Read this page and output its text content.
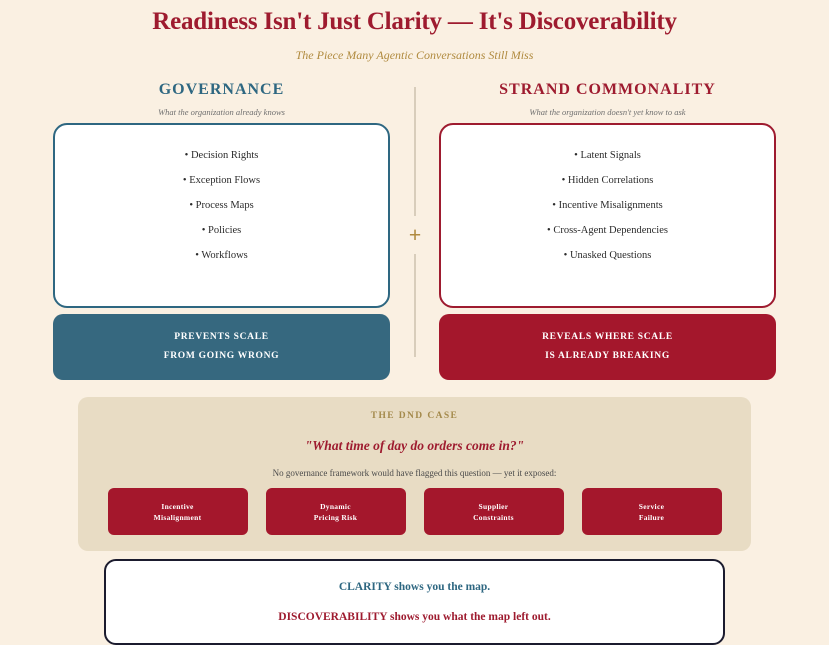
Readiness Isn't Just Clarity — It's Discoverability

The Piece Many Agentic Conversations Still Miss

GOVERNANCE

What the organization already knows

• Decision Rights
• Exception Flows
• Process Maps
• Policies
• Workflows
PREVENTS SCALE
FROM GOING WRONG
STRAND COMMONALITY

What the organization doesn't yet know to ask

• Latent Signals
• Hidden Correlations
• Incentive Misalignments
• Cross-Agent Dependencies
• Unasked Questions
REVEALS WHERE SCALE
IS ALREADY BREAKING
+

THE DND CASE

"What time of day do orders come in?"

No governance framework would have flagged this question — yet it exposed:

Incentive
Misalignment
Dynamic
Pricing Risk
Supplier
Constraints
Service
Failure

CLARITY shows you the map.

DISCOVERABILITY shows you what the map left out.
